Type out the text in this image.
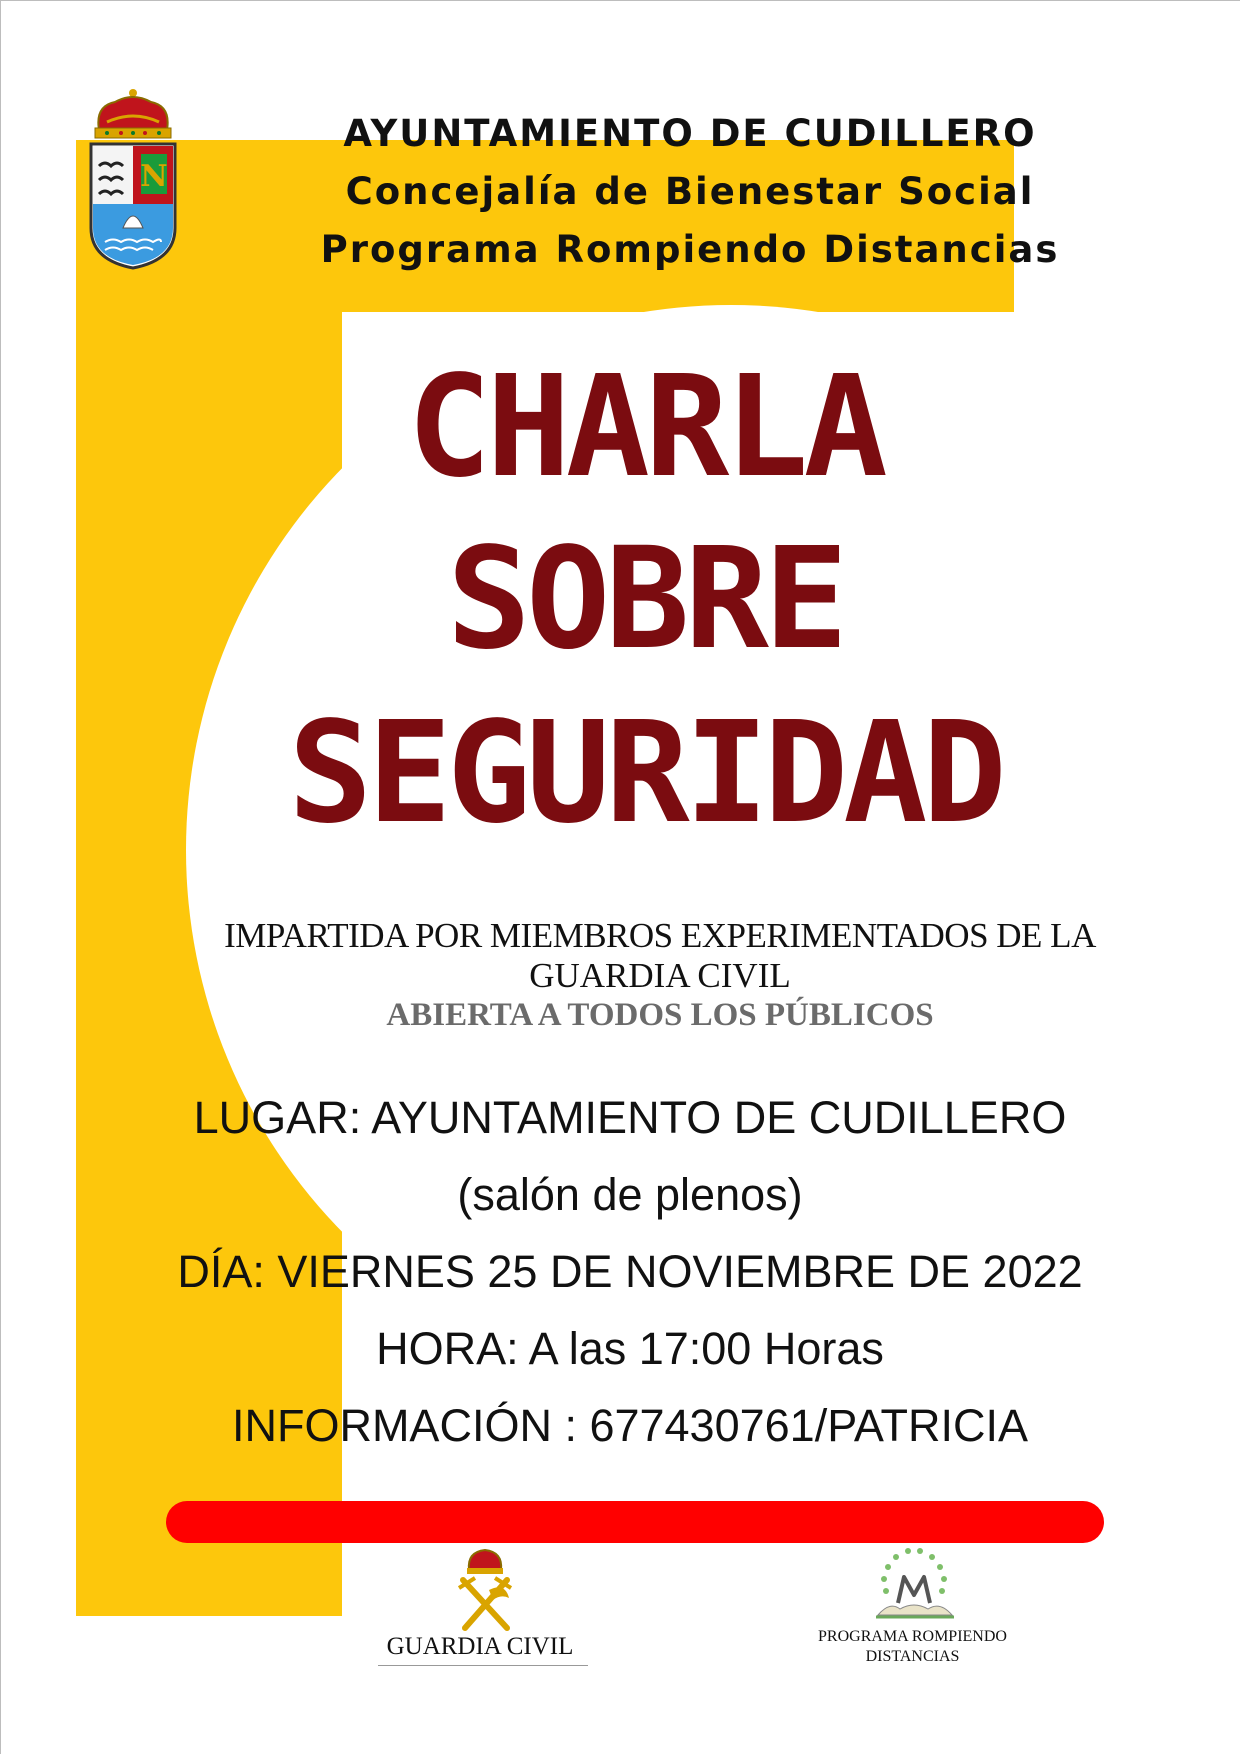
N

AYUNTAMIENTO DE CUDILLERO

Concejalía de Bienestar Social

Programa Rompiendo Distancias

CHARLA

SOBRE

SEGURIDAD

IMPARTIDA POR MIEMBROS EXPERIMENTADOS DE LA

GUARDIA CIVIL

ABIERTA A TODOS LOS PÚBLICOS

LUGAR: AYUNTAMIENTO DE CUDILLERO

(salón de plenos)

DÍA: VIERNES 25 DE NOVIEMBRE DE 2022

HORA: A las 17:00 Horas

INFORMACIÓN : 677430761/PATRICIA

GUARDIA CIVIL	PROGRAMA ROMPIENDO
DISTANCIAS
